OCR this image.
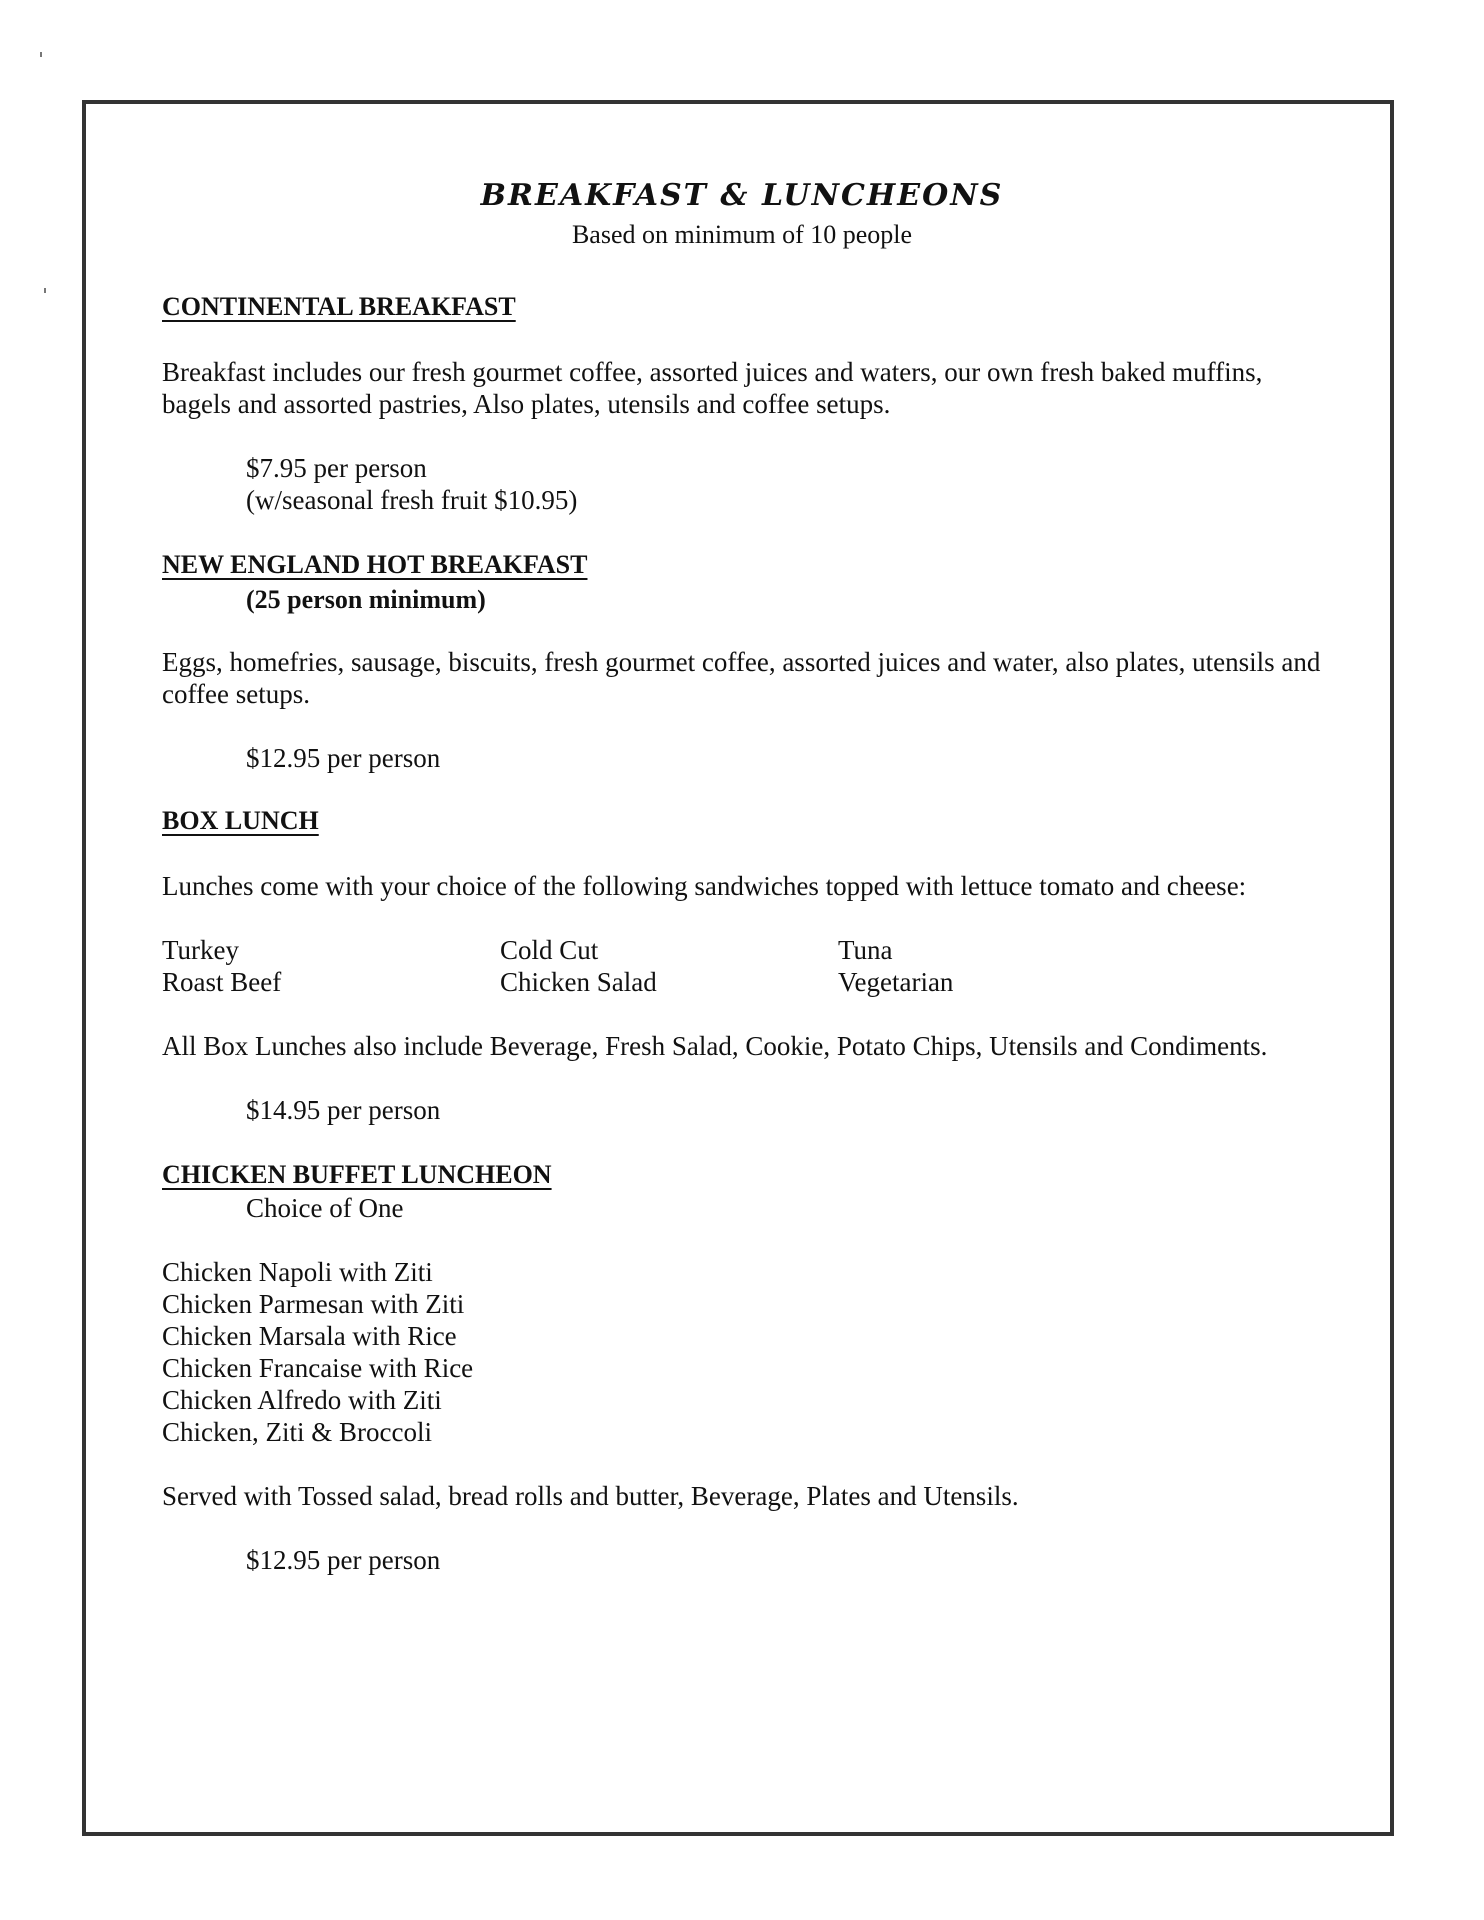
BREAKFAST & LUNCHEONS
Based on minimum of 10 people
CONTINENTAL BREAKFAST
Breakfast includes our fresh gourmet coffee, assorted juices and waters, our own fresh baked muffins, bagels and assorted pastries, Also plates, utensils and coffee setups.
$7.95 per person
(w/seasonal fresh fruit $10.95)
NEW ENGLAND HOT BREAKFAST
(25 person minimum)
Eggs, homefries, sausage, biscuits, fresh gourmet coffee, assorted juices and water, also plates, utensils and coffee setups.
$12.95 per person
BOX LUNCH
Lunches come with your choice of the following sandwiches topped with lettuce tomato and cheese:
Turkey	Cold Cut	Tuna
Roast Beef	Chicken Salad	Vegetarian
All Box Lunches also include Beverage, Fresh Salad, Cookie, Potato Chips, Utensils and Condiments.
$14.95 per person
CHICKEN BUFFET LUNCHEON
Choice of One
Chicken Napoli with Ziti
Chicken Parmesan with Ziti
Chicken Marsala with Rice
Chicken Francaise with Rice
Chicken Alfredo with Ziti
Chicken, Ziti & Broccoli
Served with Tossed salad, bread rolls and butter, Beverage, Plates and Utensils.
$12.95 per person
